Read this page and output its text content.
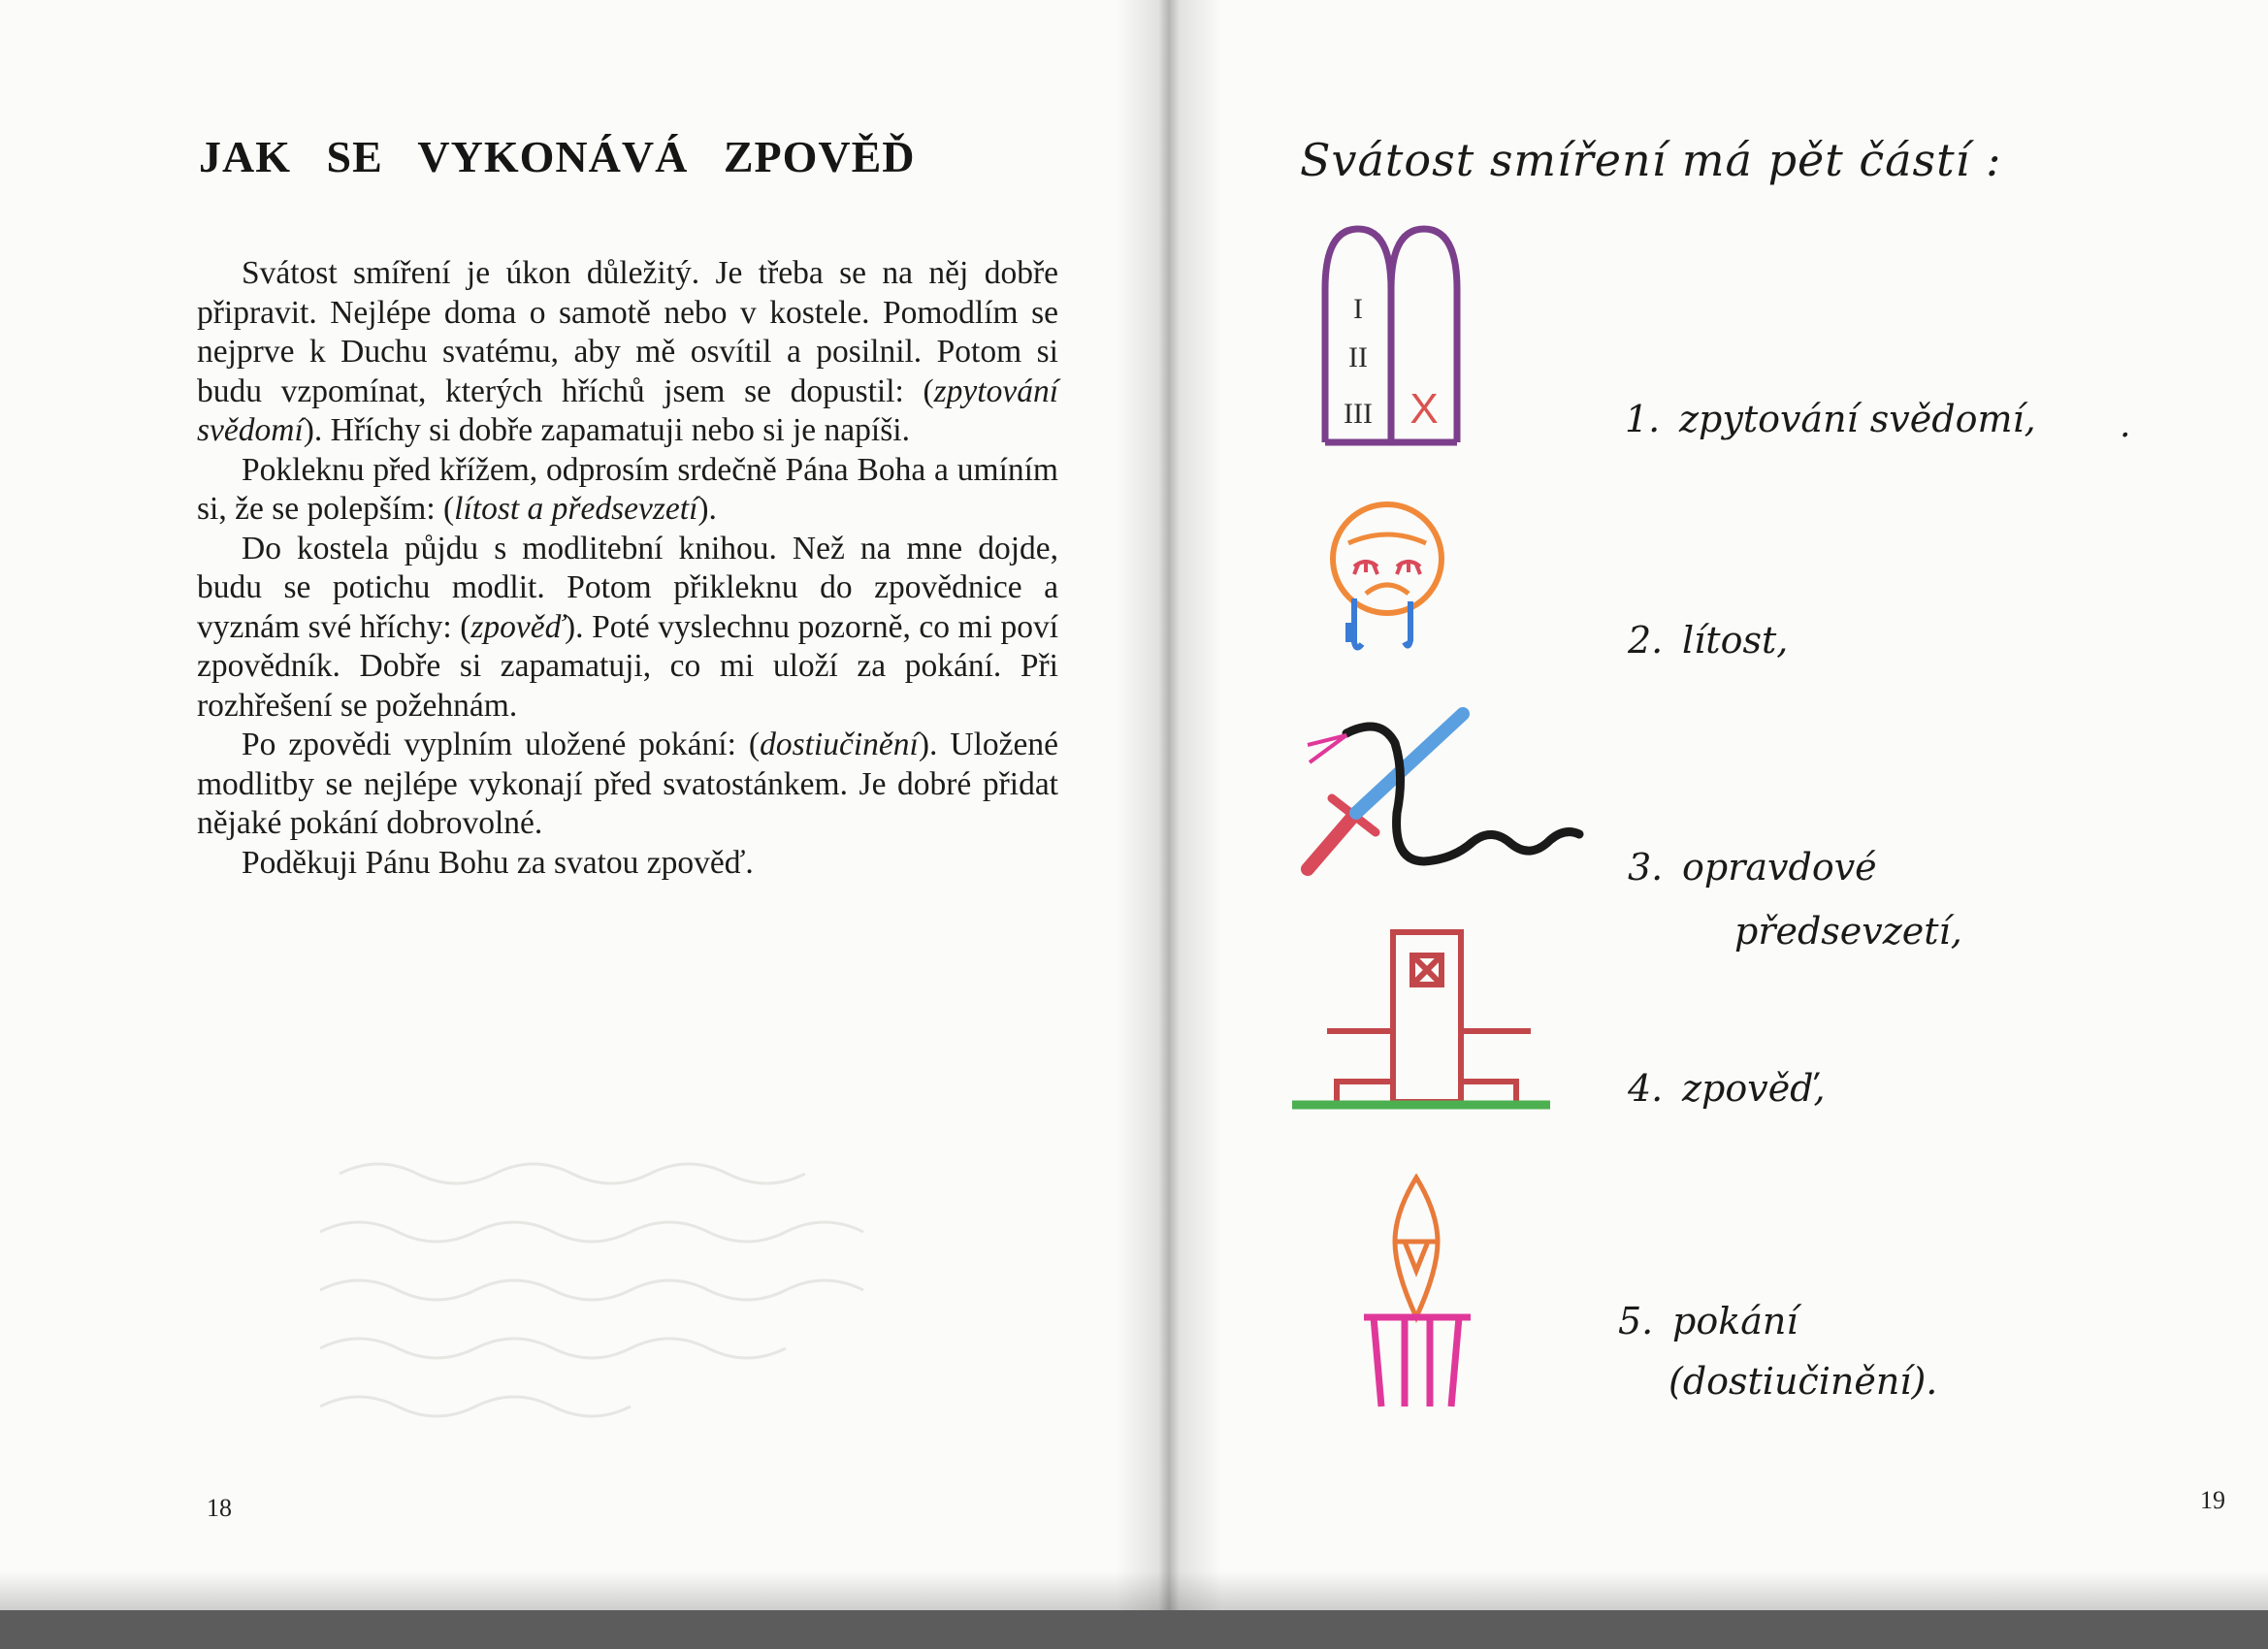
JAK SE VYKONÁVÁ ZPOVĚĎ

Svátost smíření je úkon důležitý. Je třeba se na něj dobře připravit. Nejlépe doma o samotě nebo v kostele. Pomodlím se nejprve k Duchu svatému, aby mě osvítil a posilnil. Potom si budu vzpomínat, kterých hříchů jsem se dopustil: (zpytování svědomí). Hříchy si dobře zapamatuji nebo si je napíši.

Pokleknu před křížem, odprosím srdečně Pána Boha a umíním si, že se polepším: (lítost a předsevzetí).

Do kostela půjdu s modlitební knihou. Než na mne dojde, budu se potichu modlit. Potom přikleknu do zpovědnice a vyznám své hříchy: (zpověď). Poté vyslechnu pozorně, co mi poví zpovědník. Dobře si zapamatuji, co mi uloží za pokání. Při rozhřešení se požehnám.

Po zpovědi vyplním uložené pokání: (dostiučinění). Uložené modlitby se nejlépe vykonají před svatostánkem. Je dobré přidat nějaké pokání dobrovolné.

Poděkuji Pánu Bohu za svatou zpověď.

18
Svátost smíření má pět částí :
I
II
III X	1. zpytování svědomí, .
2. lítost,
3. opravdové
předsevzetí,
4. zpověď,
5. pokání
(dostiučinění).
19
